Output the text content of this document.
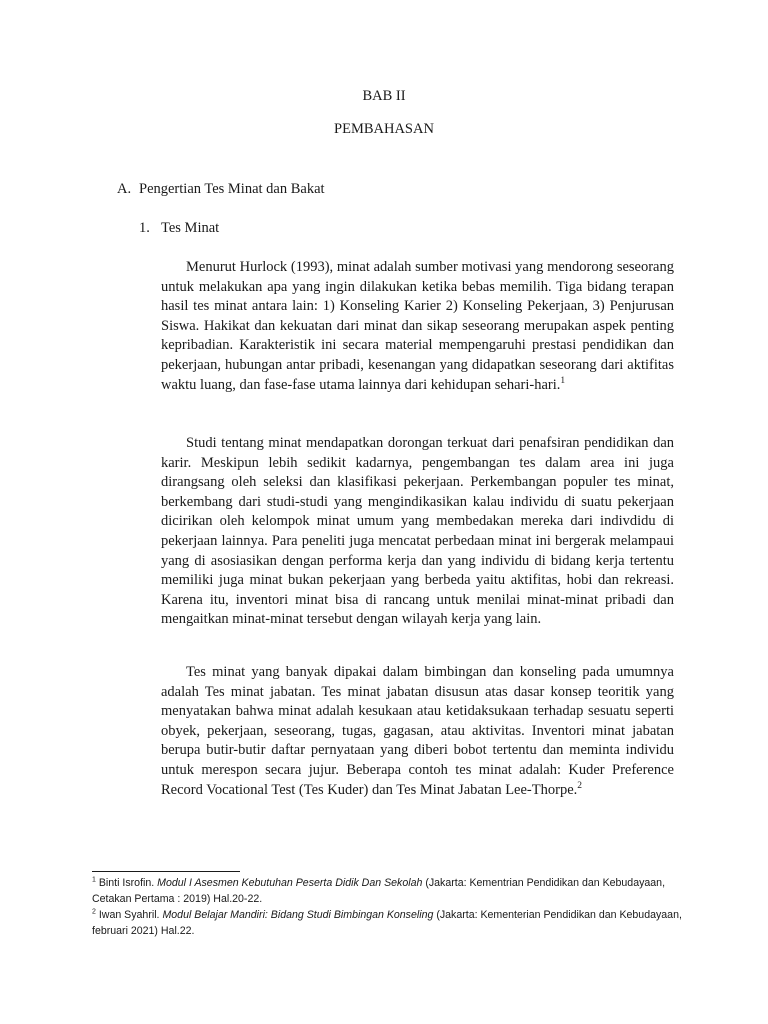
BAB II
PEMBAHASAN
A. Pengertian Tes Minat dan Bakat
1. Tes Minat

Menurut Hurlock (1993), minat adalah sumber motivasi yang mendorong seseorang untuk melakukan apa yang ingin dilakukan ketika bebas memilih. Tiga bidang terapan hasil tes minat antara lain: 1) Konseling Karier 2) Konseling Pekerjaan, 3) Penjurusan Siswa. Hakikat dan kekuatan dari minat dan sikap seseorang merupakan aspek penting kepribadian. Karakteristik ini secara material mempengaruhi prestasi pendidikan dan pekerjaan, hubungan antar pribadi, kesenangan yang didapatkan seseorang dari aktifitas waktu luang, dan fase-fase utama lainnya dari kehidupan sehari-hari.$^1$

Studi tentang minat mendapatkan dorongan terkuat dari penafsiran pendidikan dan karir. Meskipun lebih sedikit kadarnya, pengembangan tes dalam area ini juga dirangsang oleh seleksi dan klasifikasi pekerjaan. Perkembangan populer tes minat, berkembang dari studi-studi yang mengindikasikan kalau individu di suatu pekerjaan dicirikan oleh kelompok minat umum yang membedakan mereka dari indivdidu di pekerjaan lainnya. Para peneliti juga mencatat perbedaan minat ini bergerak melampaui yang di asosiasikan dengan performa kerja dan yang individu di bidang kerja tertentu memiliki juga minat bukan pekerjaan yang berbeda yaitu aktifitas, hobi dan rekreasi. Karena itu, inventori minat bisa di rancang untuk menilai minat-minat pribadi dan mengaitkan minat-minat tersebut dengan wilayah kerja yang lain.

Tes minat yang banyak dipakai dalam bimbingan dan konseling pada umumnya adalah Tes minat jabatan. Tes minat jabatan disusun atas dasar konsep teoritik yang menyatakan bahwa minat adalah kesukaan atau ketidaksukaan terhadap sesuatu seperti obyek, pekerjaan, seseorang, tugas, gagasan, atau aktivitas. Inventori minat jabatan berupa butir-butir daftar pernyataan yang diberi bobot tertentu dan meminta individu untuk merespon secara jujur. Beberapa contoh tes minat adalah: Kuder Preference Record Vocational Test (Tes Kuder) dan Tes Minat Jabatan Lee-Thorpe.$^2$

$^1$ Binti Isrofin. Modul I Asesmen Kebutuhan Peserta Didik Dan Sekolah (Jakarta: Kementrian Pendidikan dan Kebudayaan, Cetakan Pertama : 2019) Hal.20-22.

$^2$ Iwan Syahril. Modul Belajar Mandiri: Bidang Studi Bimbingan Konseling (Jakarta: Kementerian Pendidikan dan Kebudayaan, februari 2021) Hal.22.
